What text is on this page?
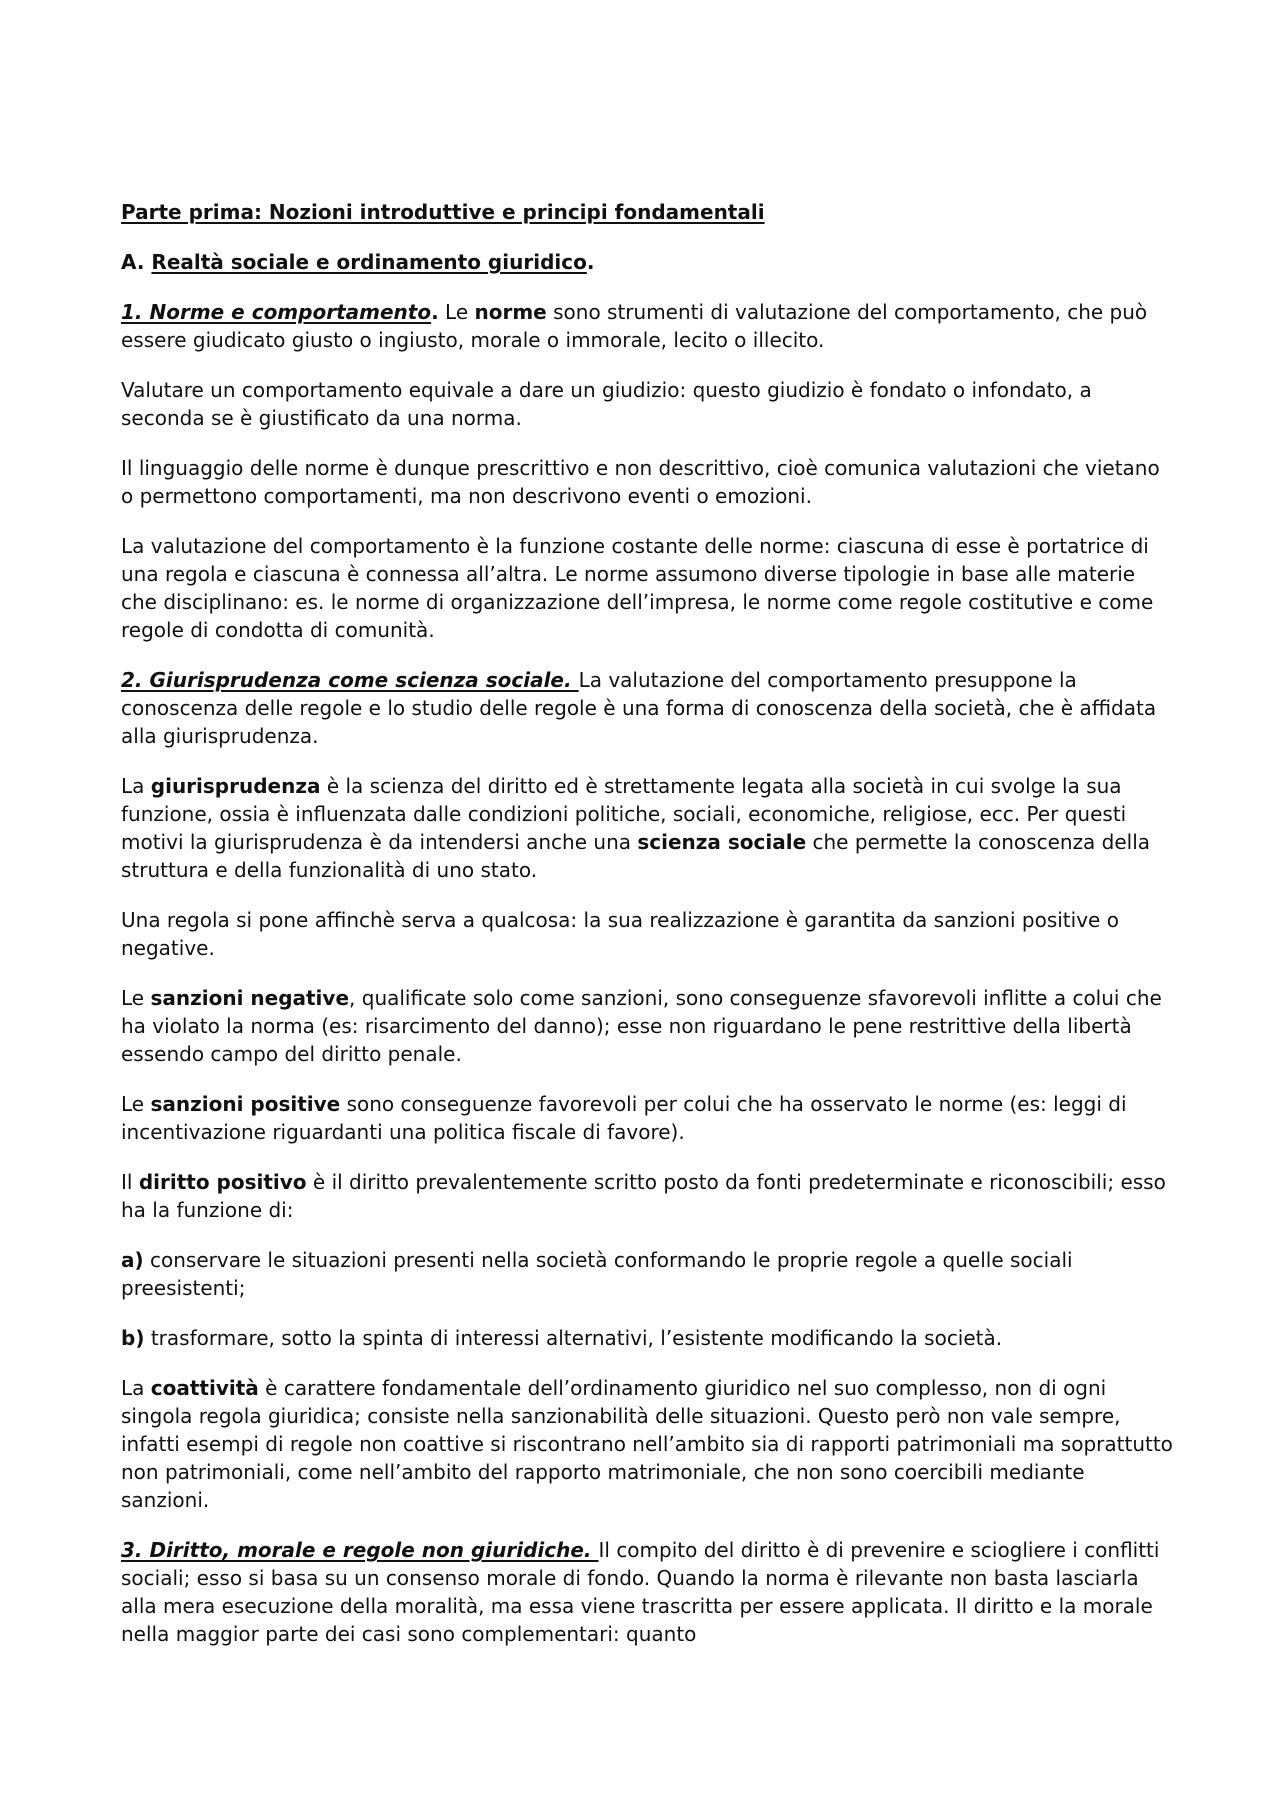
Parte prima: Nozioni introduttive e principi fondamentali

A. Realtà sociale e ordinamento giuridico.

1. Norme e comportamento. Le norme sono strumenti di valutazione del comportamento, che può essere giudicato giusto o ingiusto, morale o immorale, lecito o illecito.

Valutare un comportamento equivale a dare un giudizio: questo giudizio è fondato o infondato, a seconda se è giustificato da una norma.

Il linguaggio delle norme è dunque prescrittivo e non descrittivo, cioè comunica valutazioni che vietano o permettono comportamenti, ma non descrivono eventi o emozioni.

La valutazione del comportamento è la funzione costante delle norme: ciascuna di esse è portatrice di una regola e ciascuna è connessa all’altra. Le norme assumono diverse tipologie in base alle materie che disciplinano: es. le norme di organizzazione dell’impresa, le norme come regole costitutive e come regole di condotta di comunità.

2. Giurisprudenza come scienza sociale. La valutazione del comportamento presuppone la conoscenza delle regole e lo studio delle regole è una forma di conoscenza della società, che è affidata alla giurisprudenza.

La giurisprudenza è la scienza del diritto ed è strettamente legata alla società in cui svolge la sua funzione, ossia è influenzata dalle condizioni politiche, sociali, economiche, religiose, ecc. Per questi motivi la giurisprudenza è da intendersi anche una scienza sociale che permette la conoscenza della struttura e della funzionalità di uno stato.

Una regola si pone affinchè serva a qualcosa: la sua realizzazione è garantita da sanzioni positive o negative.

Le sanzioni negative, qualificate solo come sanzioni, sono conseguenze sfavorevoli inflitte a colui che ha violato la norma (es: risarcimento del danno); esse non riguardano le pene restrittive della libertà essendo campo del diritto penale.

Le sanzioni positive sono conseguenze favorevoli per colui che ha osservato le norme (es: leggi di incentivazione riguardanti una politica fiscale di favore).

Il diritto positivo è il diritto prevalentemente scritto posto da fonti predeterminate e riconoscibili; esso ha la funzione di:

a) conservare le situazioni presenti nella società conformando le proprie regole a quelle sociali preesistenti;

b) trasformare, sotto la spinta di interessi alternativi, l’esistente modificando la società.

La coattività è carattere fondamentale dell’ordinamento giuridico nel suo complesso, non di ogni singola regola giuridica; consiste nella sanzionabilità delle situazioni. Questo però non vale sempre, infatti esempi di regole non coattive si riscontrano nell’ambito sia di rapporti patrimoniali ma soprattutto non patrimoniali, come nell’ambito del rapporto matrimoniale, che non sono coercibili mediante sanzioni.

3. Diritto, morale e regole non giuridiche. Il compito del diritto è di prevenire e sciogliere i conflitti sociali; esso si basa su un consenso morale di fondo. Quando la norma è rilevante non basta lasciarla alla mera esecuzione della moralità, ma essa viene trascritta per essere applicata. Il diritto e la morale nella maggior parte dei casi sono complementari: quanto
